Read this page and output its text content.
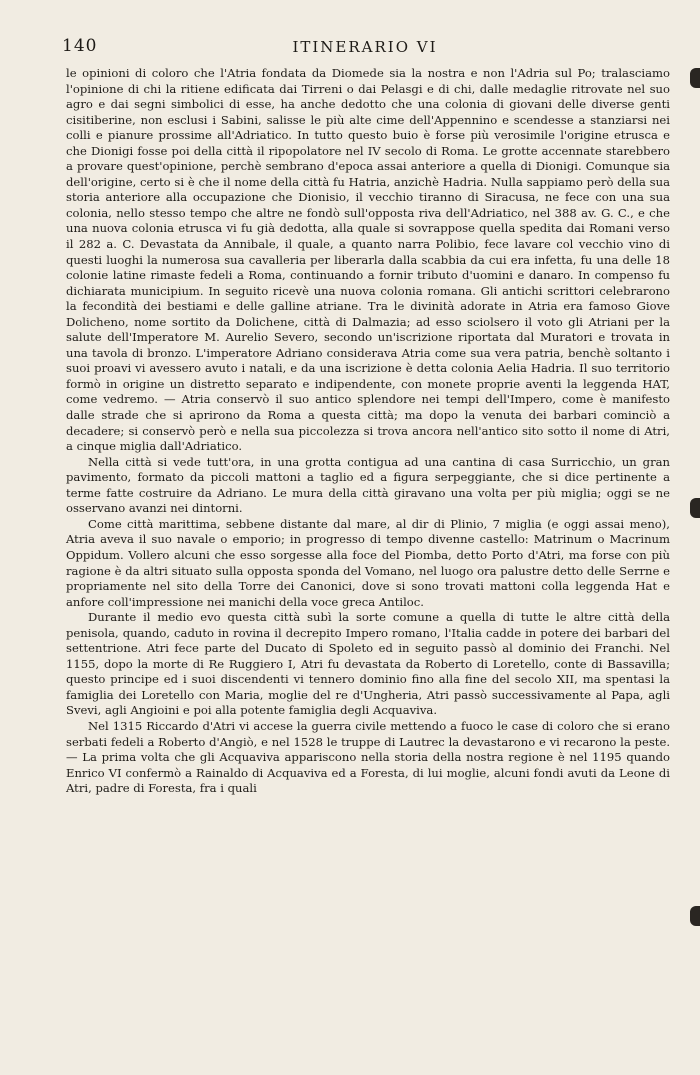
140	ITINERARIO VI

le opinioni di coloro che l'Atria fondata da Diomede sia la nostra e non l'Adria sul Po; tralasciamo l'opinione di chi la ritiene edificata dai Tirreni o dai Pelasgi e di chi, dalle medaglie ritrovate nel suo agro e dai segni simbolici di esse, ha anche dedotto che una colonia di giovani delle diverse genti cisitiberine, non esclusi i Sabini, salisse le più alte cime dell'Appennino e scendesse a stanziarsi nei colli e pianure prossime all'Adriatico. In tutto questo buio è forse più verosimile l'origine etrusca e che Dionigi fosse poi della città il ripopolatore nel IV secolo di Roma. Le grotte accennate starebbero a provare quest'opinione, perchè sembrano d'epoca assai anteriore a quella di Dionigi. Comunque sia dell'origine, certo si è che il nome della città fu Hatria, anzichè Hadria. Nulla sappiamo però della sua storia anteriore alla occupazione che Dionisio, il vecchio tiranno di Siracusa, ne fece con una sua colonia, nello stesso tempo che altre ne fondò sull'opposta riva dell'Adriatico, nel 388 av. G. C., e che una nuova colonia etrusca vi fu già dedotta, alla quale si sovrappose quella spedita dai Romani verso il 282 a. C. Devastata da Annibale, il quale, a quanto narra Polibio, fece lavare col vecchio vino di questi luoghi la numerosa sua cavalleria per liberarla dalla scabbia da cui era infetta, fu una delle 18 colonie latine rimaste fedeli a Roma, continuando a fornir tributo d'uomini e danaro. In compenso fu dichiarata municipium. In seguito ricevè una nuova colonia romana. Gli antichi scrittori celebrarono la fecondità dei bestiami e delle galline atriane. Tra le divinità adorate in Atria era famoso Giove Dolicheno, nome sortito da Dolichene, città di Dalmazia; ad esso sciolsero il voto gli Atriani per la salute dell'Imperatore M. Aurelio Severo, secondo un'iscrizione riportata dal Muratori e trovata in una tavola di bronzo. L'imperatore Adriano considerava Atria come sua vera patria, benchè soltanto i suoi proavi vi avessero avuto i natali, e da una iscrizione è detta colonia Aelia Hadria. Il suo territorio formò in origine un distretto separato e indipendente, con monete proprie aventi la leggenda HAT, come vedremo. — Atria conservò il suo antico splendore nei tempi dell'Impero, come è manifesto dalle strade che si aprirono da Roma a questa città; ma dopo la venuta dei barbari cominciò a decadere; si conservò però e nella sua piccolezza si trova ancora nell'antico sito sotto il nome di Atri, a cinque miglia dall'Adriatico.

Nella città si vede tutt'ora, in una grotta contigua ad una cantina di casa Surricchio, un gran pavimento, formato da piccoli mattoni a taglio ed a figura serpeggiante, che si dice pertinente a terme fatte costruire da Adriano. Le mura della città giravano una volta per più miglia; oggi se ne osservano avanzi nei dintorni.

Come città marittima, sebbene distante dal mare, al dir di Plinio, 7 miglia (e oggi assai meno), Atria aveva il suo navale o emporio; in progresso di tempo divenne castello: Matrinum o Macrinum Oppidum. Vollero alcuni che esso sorgesse alla foce del Piomba, detto Porto d'Atri, ma forse con più ragione è da altri situato sulla opposta sponda del Vomano, nel luogo ora palustre detto delle Serrne e propriamente nel sito della Torre dei Canonici, dove si sono trovati mattoni colla leggenda Hat e anfore coll'impressione nei manichi della voce greca Antiloc.

Durante il medio evo questa città subì la sorte comune a quella di tutte le altre città della penisola, quando, caduto in rovina il decrepito Impero romano, l'Italia cadde in potere dei barbari del settentrione. Atri fece parte del Ducato di Spoleto ed in seguito passò al dominio dei Franchi. Nel 1155, dopo la morte di Re Ruggiero I, Atri fu devastata da Roberto di Loretello, conte di Bassavilla; questo principe ed i suoi discendenti vi tennero dominio fino alla fine del secolo XII, ma spentasi la famiglia dei Loretello con Maria, moglie del re d'Ungheria, Atri passò successivamente al Papa, agli Svevi, agli Angioini e poi alla potente famiglia degli Acquaviva.

Nel 1315 Riccardo d'Atri vi accese la guerra civile mettendo a fuoco le case di coloro che si erano serbati fedeli a Roberto d'Angiò, e nel 1528 le truppe di Lautrec la devastarono e vi recarono la peste. — La prima volta che gli Acquaviva appariscono nella storia della nostra regione è nel 1195 quando Enrico VI confermò a Rainaldo di Acquaviva ed a Foresta, di lui moglie, alcuni fondi avuti da Leone di Atri, padre di Foresta, fra i quali
